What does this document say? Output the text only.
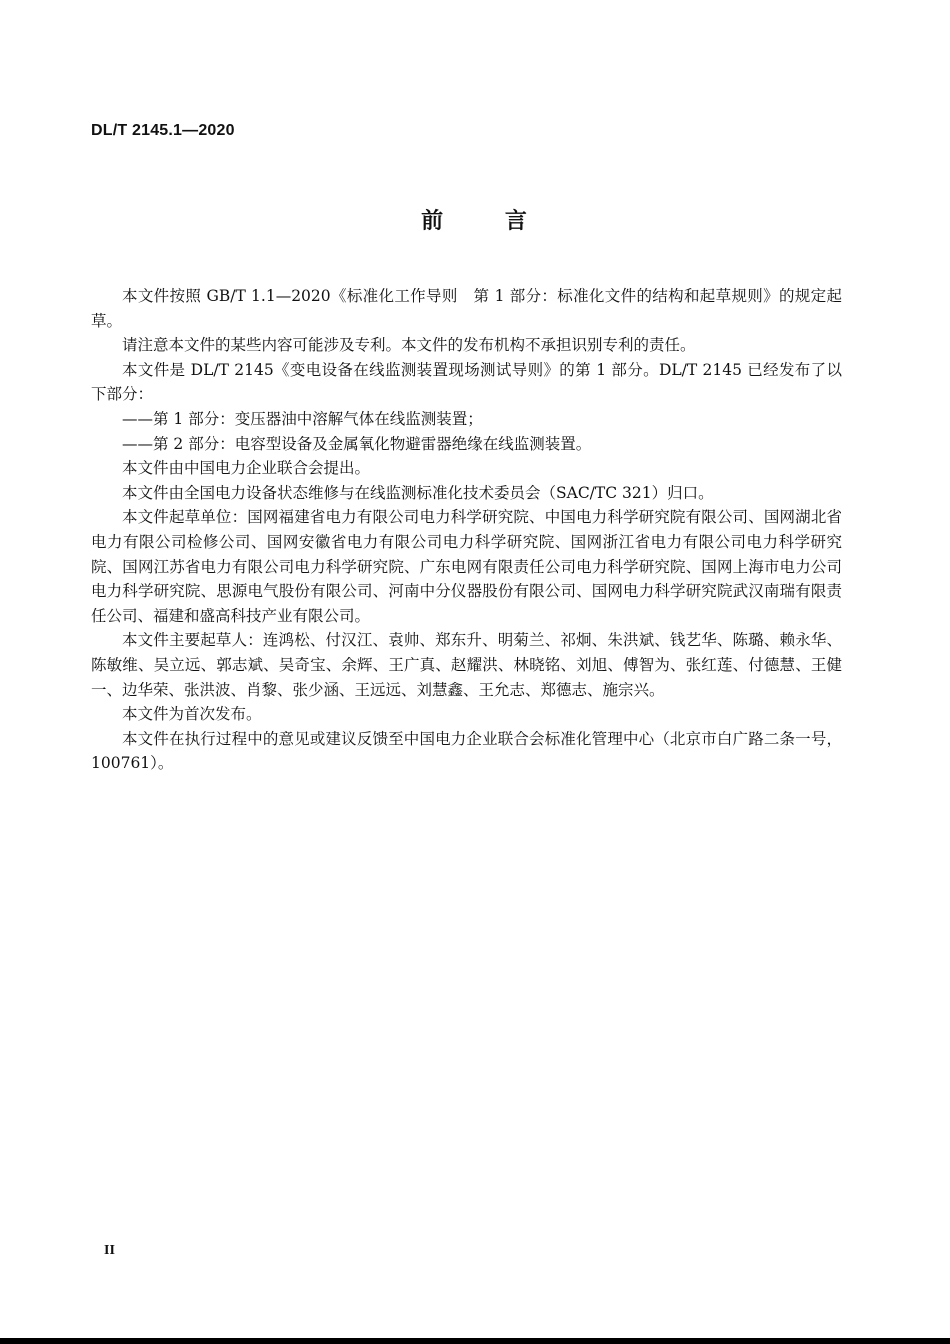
DL/T 2145.1—2020
前 言

本文件按照 GB/T 1.1—2020《标准化工作导则　第 1 部分：标准化文件的结构和起草规则》的规定起草。

请注意本文件的某些内容可能涉及专利。本文件的发布机构不承担识别专利的责任。

本文件是 DL/T 2145《变电设备在线监测装置现场测试导则》的第 1 部分。DL/T 2145 已经发布了以下部分：

——第 1 部分：变压器油中溶解气体在线监测装置；

——第 2 部分：电容型设备及金属氧化物避雷器绝缘在线监测装置。

本文件由中国电力企业联合会提出。

本文件由全国电力设备状态维修与在线监测标准化技术委员会（SAC/TC 321）归口。

本文件起草单位：国网福建省电力有限公司电力科学研究院、中国电力科学研究院有限公司、国网湖北省电力有限公司检修公司、国网安徽省电力有限公司电力科学研究院、国网浙江省电力有限公司电力科学研究院、国网江苏省电力有限公司电力科学研究院、广东电网有限责任公司电力科学研究院、国网上海市电力公司电力科学研究院、思源电气股份有限公司、河南中分仪器股份有限公司、国网电力科学研究院武汉南瑞有限责任公司、福建和盛高科技产业有限公司。

本文件主要起草人：连鸿松、付汉江、袁帅、郑东升、明菊兰、祁炯、朱洪斌、钱艺华、陈璐、赖永华、陈敏维、吴立远、郭志斌、吴奇宝、余辉、王广真、赵耀洪、林晓铭、刘旭、傅智为、张红莲、付德慧、王健一、边华荣、张洪波、肖黎、张少涵、王远远、刘慧鑫、王允志、郑德志、施宗兴。

本文件为首次发布。

本文件在执行过程中的意见或建议反馈至中国电力企业联合会标准化管理中心（北京市白广路二条一号，100761）。

II
